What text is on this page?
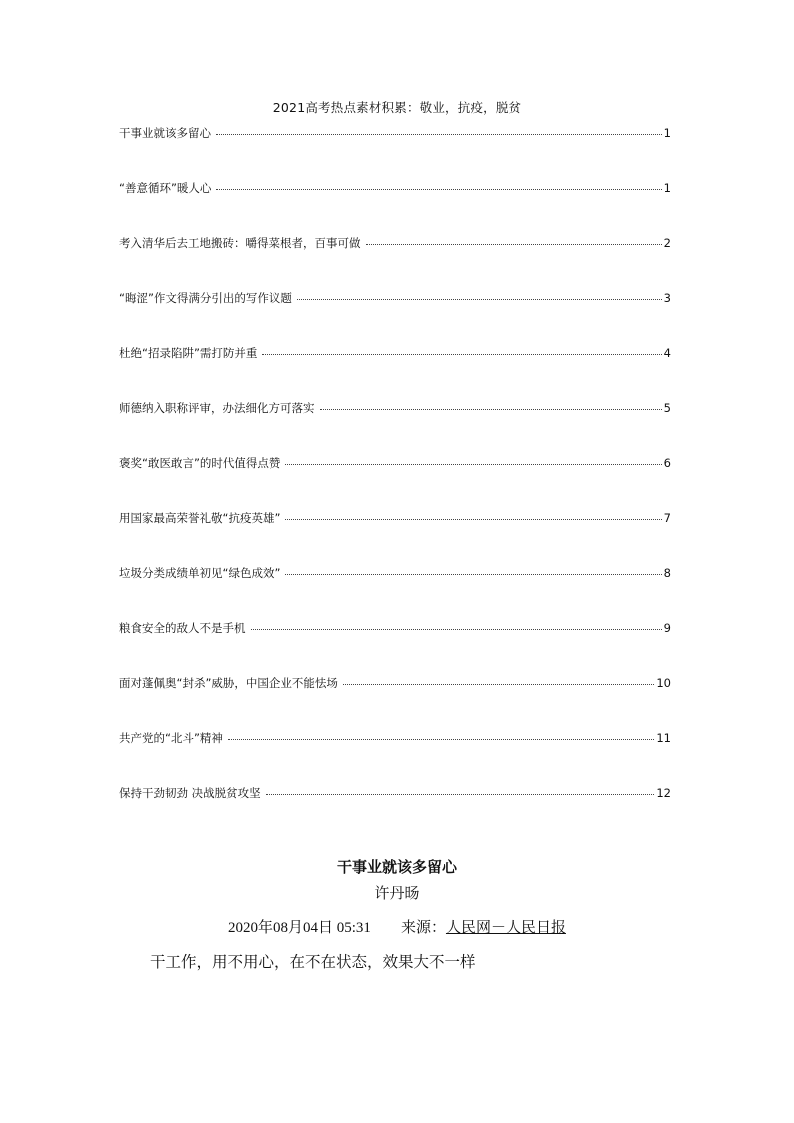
2021高考热点素材积累：敬业，抗疫，脱贫
干事业就该多留心	1
“善意循环”暖人心	1
考入清华后去工地搬砖：嚼得菜根者，百事可做	2
“晦涩”作文得满分引出的写作议题	3
杜绝“招录陷阱”需打防并重	4
师德纳入职称评审，办法细化方可落实	5
褒奖“敢医敢言”的时代值得点赞	6
用国家最高荣誉礼敬“抗疫英雄”	7
垃圾分类成绩单初见“绿色成效”	8
粮食安全的敌人不是手机	9
面对蓬佩奥“封杀”威胁，中国企业不能怯场	10
共产党的“北斗”精神	11
保持干劲韧劲 决战脱贫攻坚	12
干事业就该多留心
许丹旸
2020年08月04日 05:31 来源：人民网－人民日报
干工作，用不用心，在不在状态，效果大不一样
